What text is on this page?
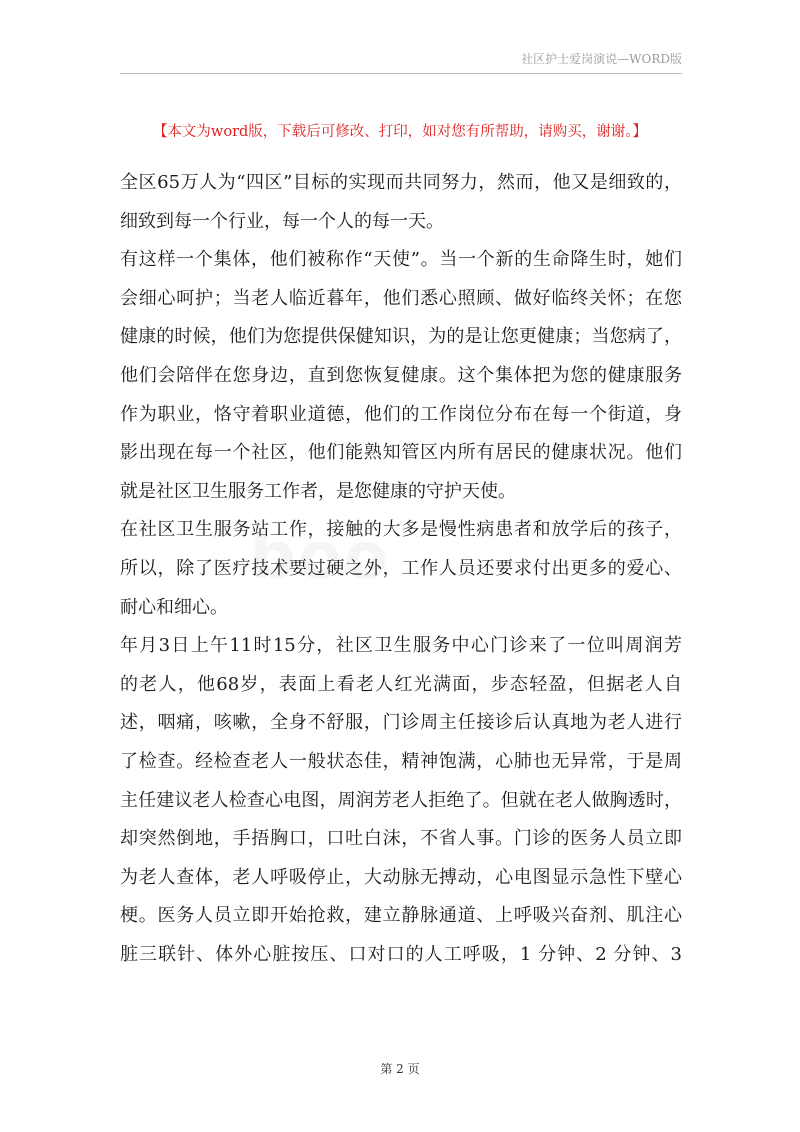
社区护士爱岗演说—WORD版
【本文为word版，下载后可修改、打印，如对您有所帮助，请购买，谢谢。】
boo
全区65万人为“四区”目标的实现而共同努力，然而，他又是细致的，
细致到每一个行业，每一个人的每一天。
有这样一个集体，他们被称作“天使”。当一个新的生命降生时，她们
会细心呵护；当老人临近暮年，他们悉心照顾、做好临终关怀；在您
健康的时候，他们为您提供保健知识，为的是让您更健康；当您病了，
他们会陪伴在您身边，直到您恢复健康。这个集体把为您的健康服务
作为职业，恪守着职业道德，他们的工作岗位分布在每一个街道，身
影出现在每一个社区，他们能熟知管区内所有居民的健康状况。他们
就是社区卫生服务工作者，是您健康的守护天使。
在社区卫生服务站工作，接触的大多是慢性病患者和放学后的孩子，
所以，除了医疗技术要过硬之外，工作人员还要求付出更多的爱心、
耐心和细心。
年月3日上午11时15分，社区卫生服务中心门诊来了一位叫周润芳
的老人，他68岁，表面上看老人红光满面，步态轻盈，但据老人自
述，咽痛，咳嗽，全身不舒服，门诊周主任接诊后认真地为老人进行
了检查。经检查老人一般状态佳，精神饱满，心肺也无异常，于是周
主任建议老人检查心电图，周润芳老人拒绝了。但就在老人做胸透时，
却突然倒地，手捂胸口，口吐白沫，不省人事。门诊的医务人员立即
为老人查体，老人呼吸停止，大动脉无搏动，心电图显示急性下壁心
梗。医务人员立即开始抢救，建立静脉通道、上呼吸兴奋剂、肌注心
脏三联针、体外心脏按压、口对口的人工呼吸，1 分钟、2 分钟、3
第 2 页
